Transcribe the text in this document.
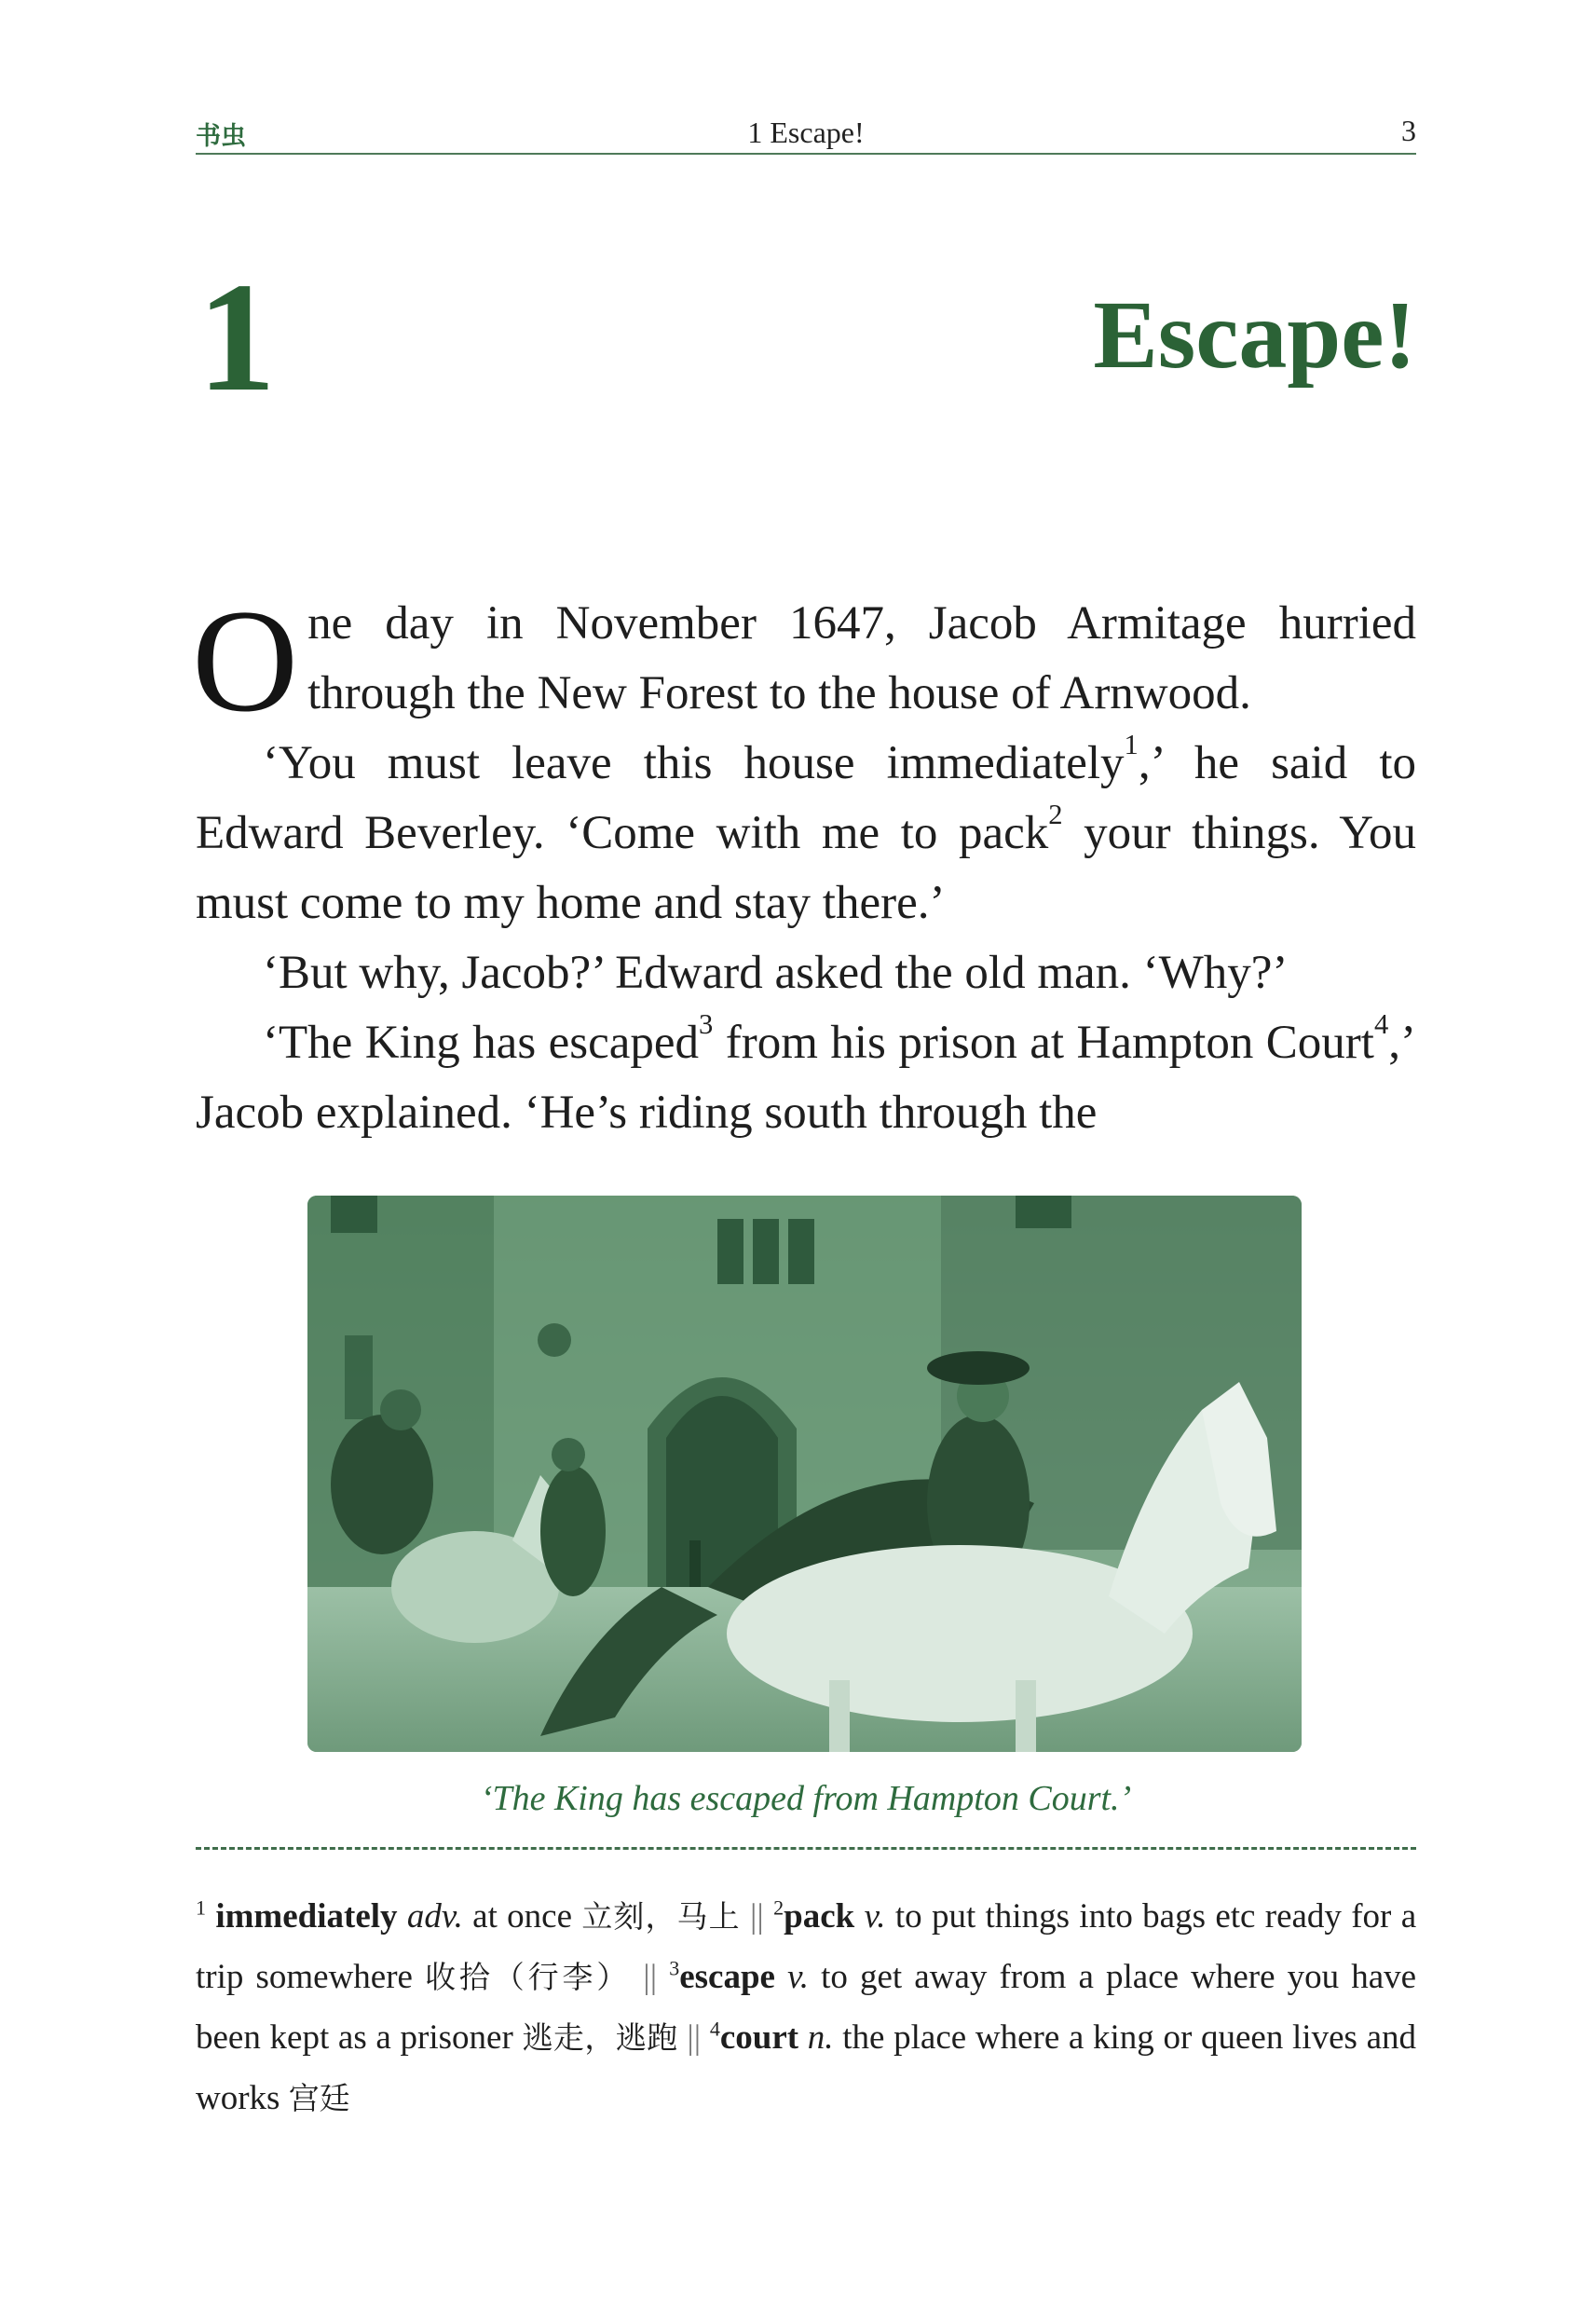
书虫	1 Escape!	3
1	Escape!

One day in November 1647, Jacob Armitage hurried through the New Forest to the house of Arnwood.

‘You must leave this house immediately$^1$,’ he said to Edward Beverley. ‘Come with me to pack$^2$ your things. You must come to my home and stay there.’

‘But why, Jacob?’ Edward asked the old man. ‘Why?’

‘The King has escaped$^3$ from his prison at Hampton Court$^4$,’ Jacob explained. ‘He’s riding south through the

‘The King has escaped from Hampton Court.’

$^1$ immediately adv. at once 立刻，马上 || $^2$pack v. to put things into bags etc ready for a trip somewhere 收拾（行李） || $^3$escape v. to get away from a place where you have been kept as a prisoner 逃走，逃跑 || $^4$court n. the place where a king or queen lives and works 宫廷
